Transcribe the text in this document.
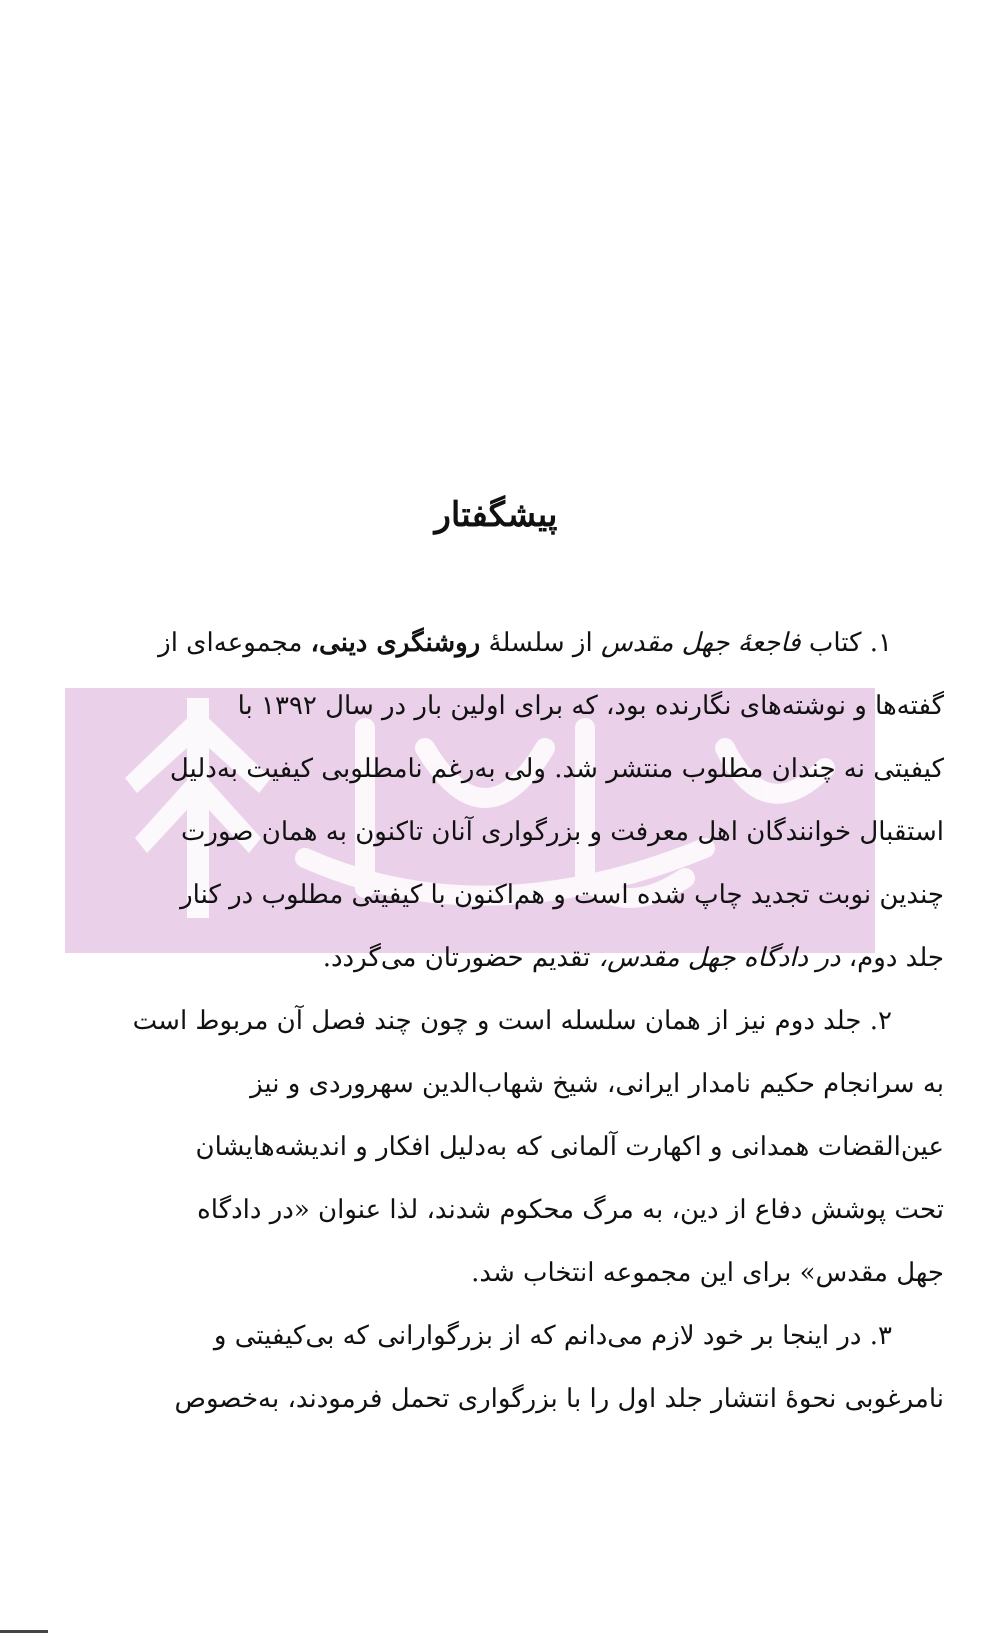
پیشگفتار
۱. کتاب فاجعهٔ جهل مقدس از سلسلهٔ روشنگری دینی، مجموعه‌ای از
گفته‌ها و نوشته‌های نگارنده بود، که برای اولین بار در سال ۱۳۹۲ با
کیفیتی نه چندان مطلوب منتشر شد. ولی به‌رغم نامطلوبی کیفیت به‌دلیل
استقبال خوانندگان اهل معرفت و بزرگواری آنان تاکنون به همان صورت
چندین نوبت تجدید چاپ شده است و هم‌اکنون با کیفیتی مطلوب در کنار
جلد دوم، در دادگاه جهل مقدس، تقدیم حضورتان می‌گردد.
۲. جلد دوم نیز از همان سلسله است و چون چند فصل آن مربوط است
به سرانجام حکیم نامدار ایرانی، شیخ شهاب‌الدین سهروردی و نیز
عین‌القضات همدانی و اکهارت آلمانی که به‌دلیل افکار و اندیشه‌هایشان
تحت پوشش دفاع از دین، به مرگ محکوم شدند، لذا عنوان «در دادگاه
جهل مقدس» برای این مجموعه انتخاب شد.
۳. در اینجا بر خود لازم می‌دانم که از بزرگوارانی که بی‌کیفیتی و
نامرغوبی نحوهٔ انتشار جلد اول را با بزرگواری تحمل فرمودند، به‌خصوص
